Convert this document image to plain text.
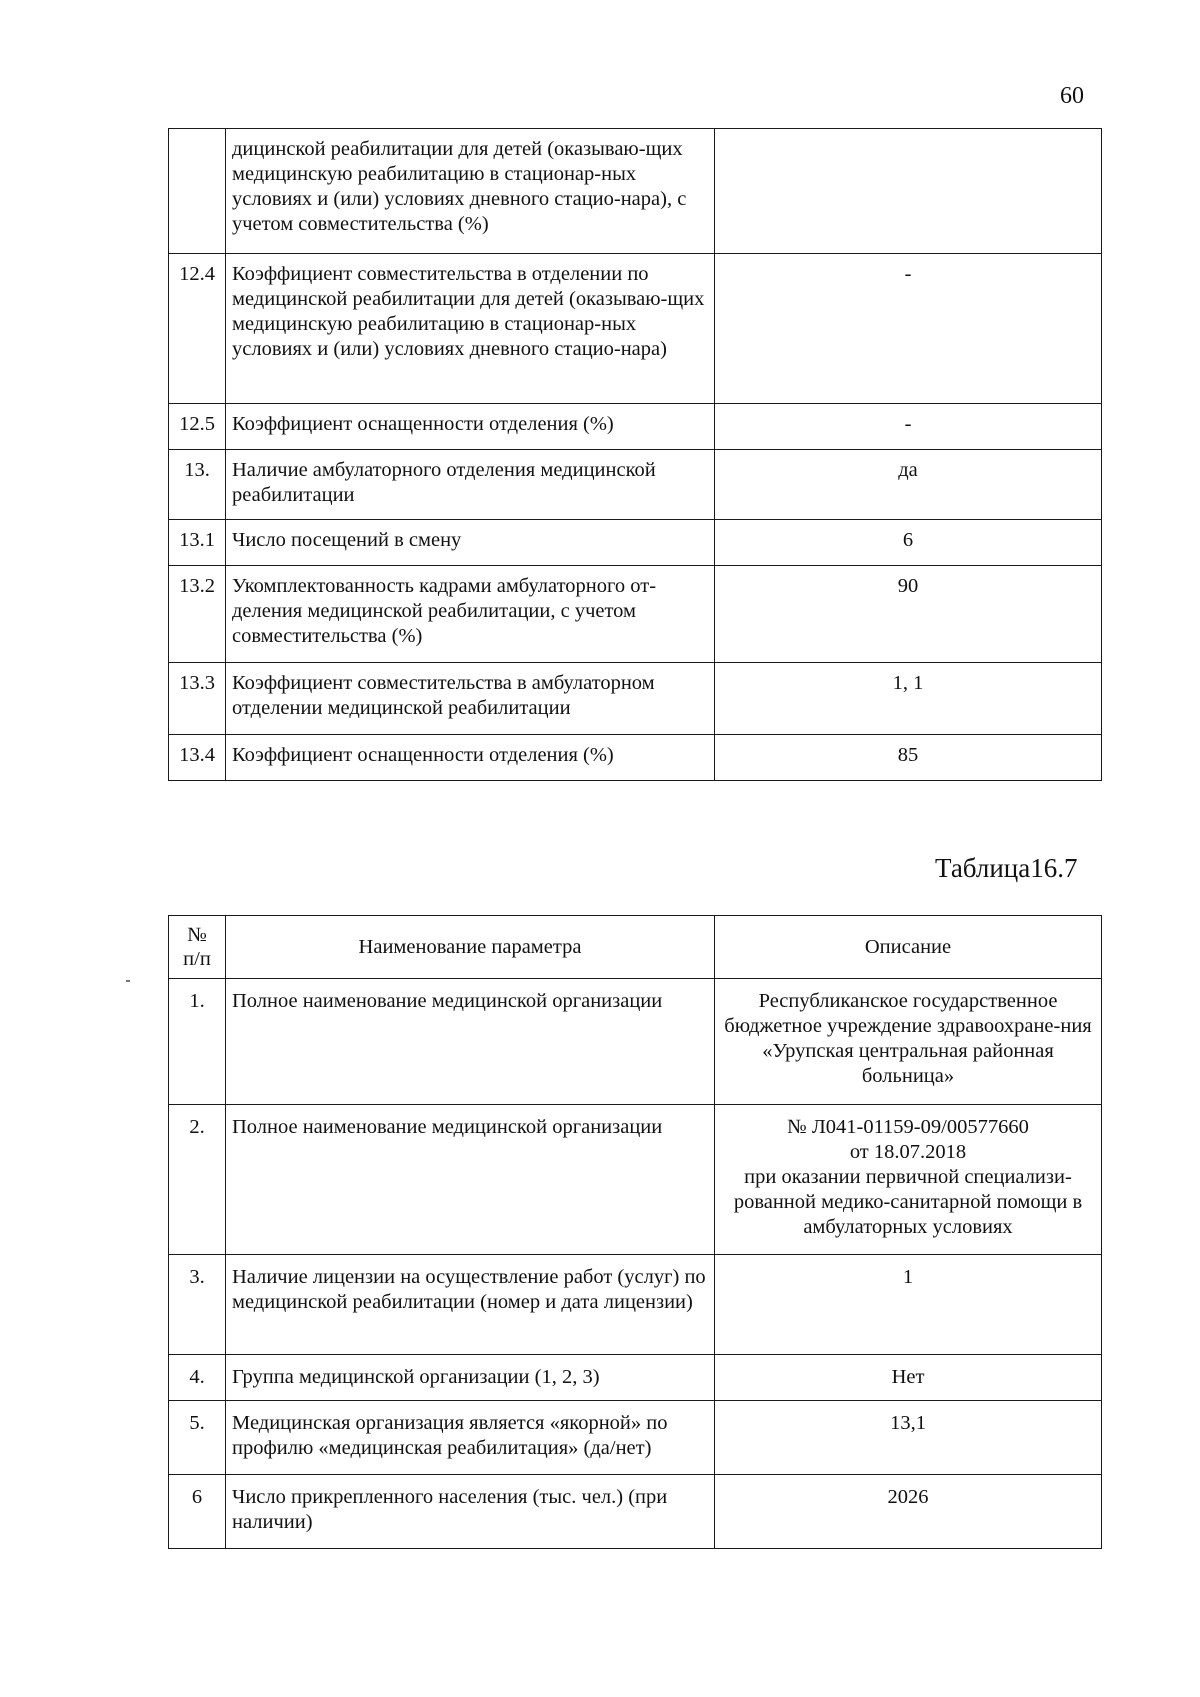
60
	дицинской реабилитации для детей (оказываю-щих медицинскую реабилитацию в стационар-ных условиях и (или) условиях дневного стацио-нара), с учетом совместительства (%)	
12.4	Коэффициент совместительства в отделении по медицинской реабилитации для детей (оказываю-щих медицинскую реабилитацию в стационар-ных условиях и (или) условиях дневного стацио-нара)	-
12.5	Коэффициент оснащенности отделения (%)	-
13.	Наличие амбулаторного отделения медицинской реабилитации	да
13.1	Число посещений в смену	6
13.2	Укомплектованность кадрами амбулаторного от-деления медицинской реабилитации, с учетом совместительства (%)	90
13.3	Коэффициент совместительства в амбулаторном отделении медицинской реабилитации	1, 1
13.4	Коэффициент оснащенности отделения (%)	85
Таблица16.7
№
п/п	Наименование параметра	Описание
1.	Полное наименование медицинской организации	Республиканское государственное бюджетное учреждение здравоохране-ния «Урупская центральная районная больница»
2.	Полное наименование медицинской организации	№ Л041-01159-09/00577660
от 18.07.2018
при оказании первичной специализи-рованной медико-санитарной помощи в амбулаторных условиях

3.	Наличие лицензии на осуществление работ (услуг) по медицинской реабилитации (номер и дата лицензии)	1
4.	Группа медицинской организации (1, 2, 3)	Нет
5.	Медицинская организация является «якорной» по профилю «медицинская реабилитация» (да/нет)	13,1
6	Число прикрепленного населения (тыс. чел.) (при наличии)	2026
